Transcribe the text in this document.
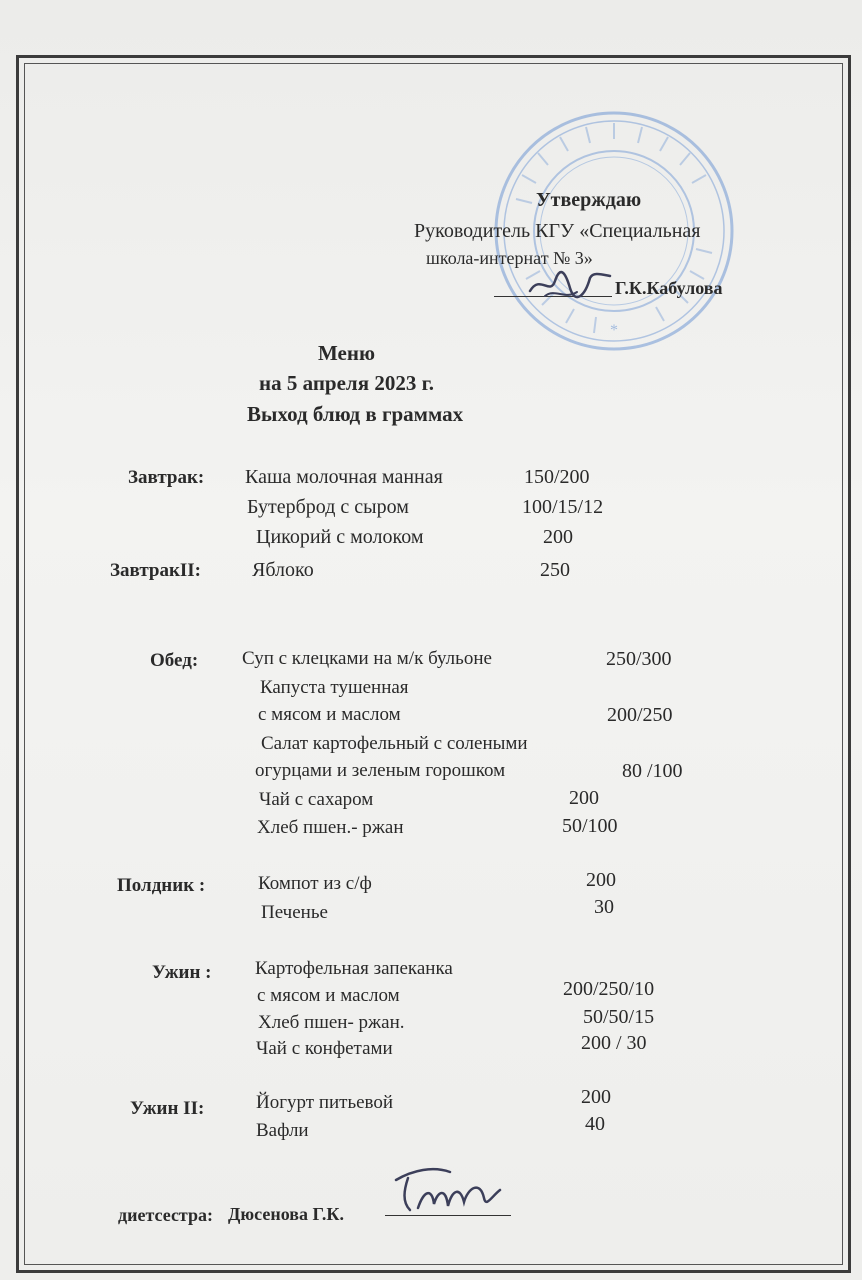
*
Утверждаю
Руководитель КГУ «Специальная
школа-интернат № 3»
Г.К.Кабулова
Меню
на 5 апреля 2023 г.
Выход блюд в граммах
Завтрак: Каша молочная манная	150/200
Бутерброд с сыром	100/15/12
Цикорий с молоком	200
ЗавтракII:	Яблоко	250
Обед: Суп с клецками на м/к бульоне	250/300
Капуста тушенная
с мясом и маслом	200/250
Салат картофельный с солеными
огурцами и зеленым горошком	80 /100
Чай с сахаром	200
Хлеб пшен.- ржан	50/100
Полдник :	Компот из с/ф	200
Печенье	30
Ужин : Картофельная запеканка
с мясом и маслом	200/250/10
Хлеб пшен- ржан.	50/50/15
Чай с конфетами	200 / 30
Ужин II:	Йогурт питьевой	200
Вафли	40
диетсестра: Дюсенова Г.К.
